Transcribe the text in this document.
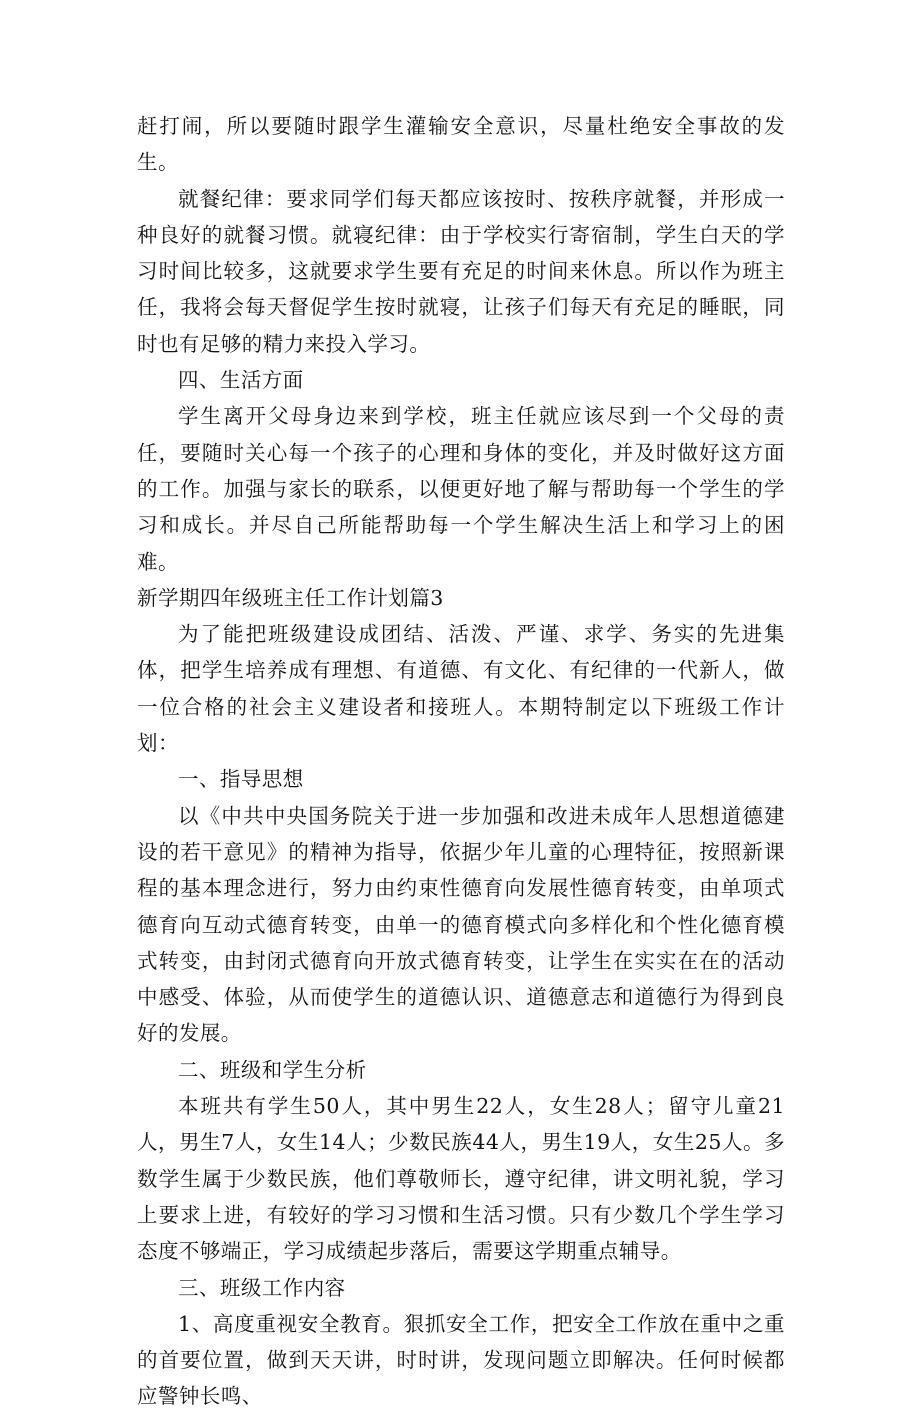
赶打闹，所以要随时跟学生灌输安全意识，尽量杜绝安全事故的发生。

就餐纪律：要求同学们每天都应该按时、按秩序就餐，并形成一种良好的就餐习惯。就寝纪律：由于学校实行寄宿制，学生白天的学习时间比较多，这就要求学生要有充足的时间来休息。所以作为班主任，我将会每天督促学生按时就寝，让孩子们每天有充足的睡眠，同时也有足够的精力来投入学习。

四、生活方面

学生离开父母身边来到学校，班主任就应该尽到一个父母的责任，要随时关心每一个孩子的心理和身体的变化，并及时做好这方面的工作。加强与家长的联系，以便更好地了解与帮助每一个学生的学习和成长。并尽自己所能帮助每一个学生解决生活上和学习上的困难。

新学期四年级班主任工作计划篇3

为了能把班级建设成团结、活泼、严谨、求学、务实的先进集体，把学生培养成有理想、有道德、有文化、有纪律的一代新人，做一位合格的社会主义建设者和接班人。本期特制定以下班级工作计划：

一、指导思想

以《中共中央国务院关于进一步加强和改进未成年人思想道德建设的若干意见》的精神为指导，依据少年儿童的心理特征，按照新课程的基本理念进行，努力由约束性德育向发展性德育转变，由单项式德育向互动式德育转变，由单一的德育模式向多样化和个性化德育模式转变，由封闭式德育向开放式德育转变，让学生在实实在在的活动中感受、体验，从而使学生的道德认识、道德意志和道德行为得到良好的发展。

二、班级和学生分析

本班共有学生50人，其中男生22人，女生28人；留守儿童21人，男生7人，女生14人；少数民族44人，男生19人，女生25人。多数学生属于少数民族，他们尊敬师长，遵守纪律，讲文明礼貌，学习上要求上进，有较好的学习习惯和生活习惯。只有少数几个学生学习态度不够端正，学习成绩起步落后，需要这学期重点辅导。

三、班级工作内容

1、高度重视安全教育。狠抓安全工作，把安全工作放在重中之重的首要位置，做到天天讲，时时讲，发现问题立即解决。任何时候都应警钟长鸣、
